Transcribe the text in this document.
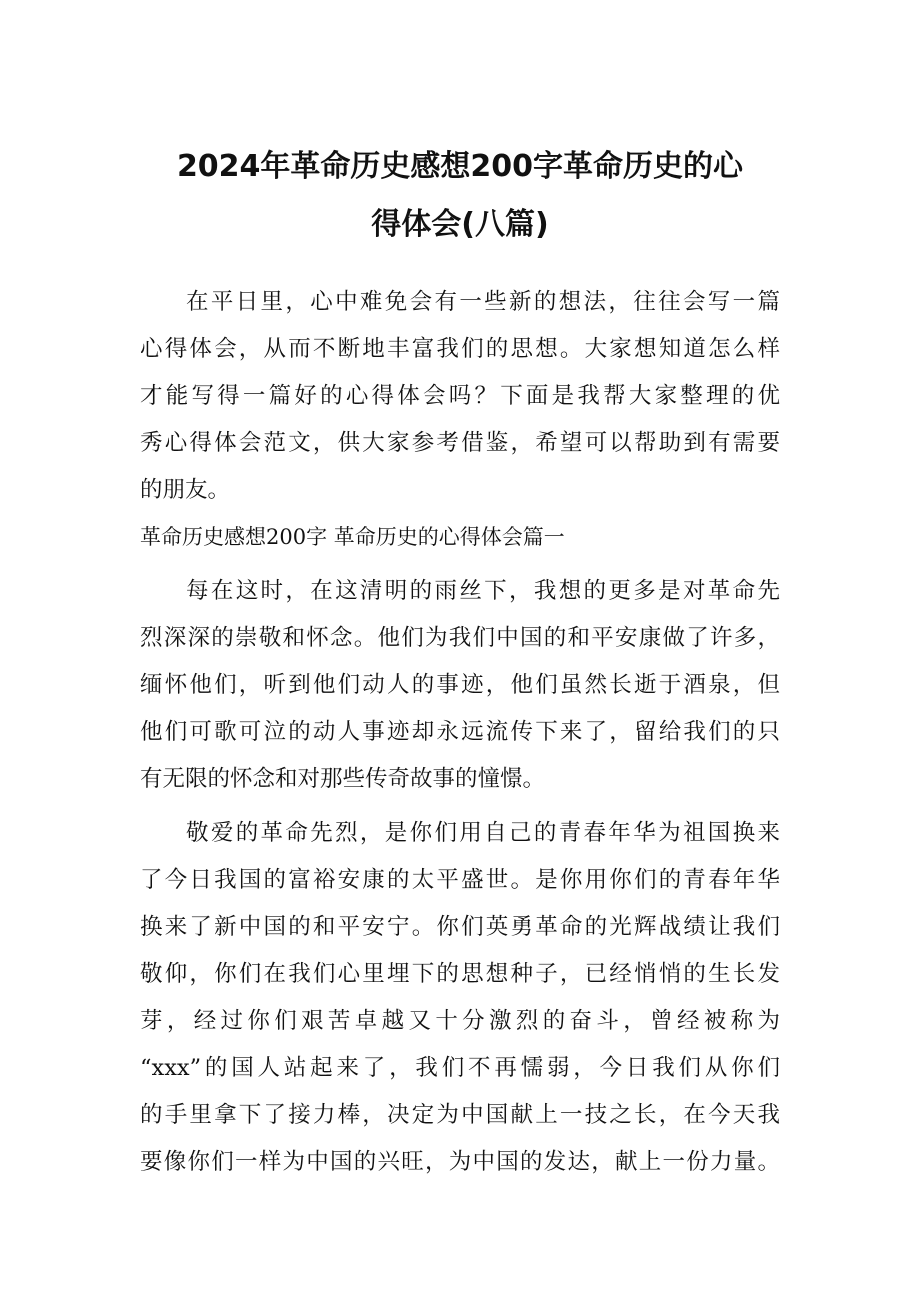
2024年革命历史感想200字革命历史的心
得体会(八篇)
在平日里，心中难免会有一些新的想法，往往会写一篇
心得体会，从而不断地丰富我们的思想。大家想知道怎么样
才能写得一篇好的心得体会吗？下面是我帮大家整理的优
秀心得体会范文，供大家参考借鉴，希望可以帮助到有需要
的朋友。
革命历史感想200字 革命历史的心得体会篇一
每在这时，在这清明的雨丝下，我想的更多是对革命先
烈深深的崇敬和怀念。他们为我们中国的和平安康做了许多，
缅怀他们，听到他们动人的事迹，他们虽然长逝于酒泉，但
他们可歌可泣的动人事迹却永远流传下来了，留给我们的只
有无限的怀念和对那些传奇故事的憧憬。
敬爱的革命先烈，是你们用自己的青春年华为祖国换来
了今日我国的富裕安康的太平盛世。是你用你们的青春年华
换来了新中国的和平安宁。你们英勇革命的光辉战绩让我们
敬仰，你们在我们心里埋下的思想种子，已经悄悄的生长发
芽，经过你们艰苦卓越又十分激烈的奋斗，曾经被称为
“xxx”的国人站起来了，我们不再懦弱，今日我们从你们
的手里拿下了接力棒，决定为中国献上一技之长，在今天我
要像你们一样为中国的兴旺，为中国的发达，献上一份力量。
